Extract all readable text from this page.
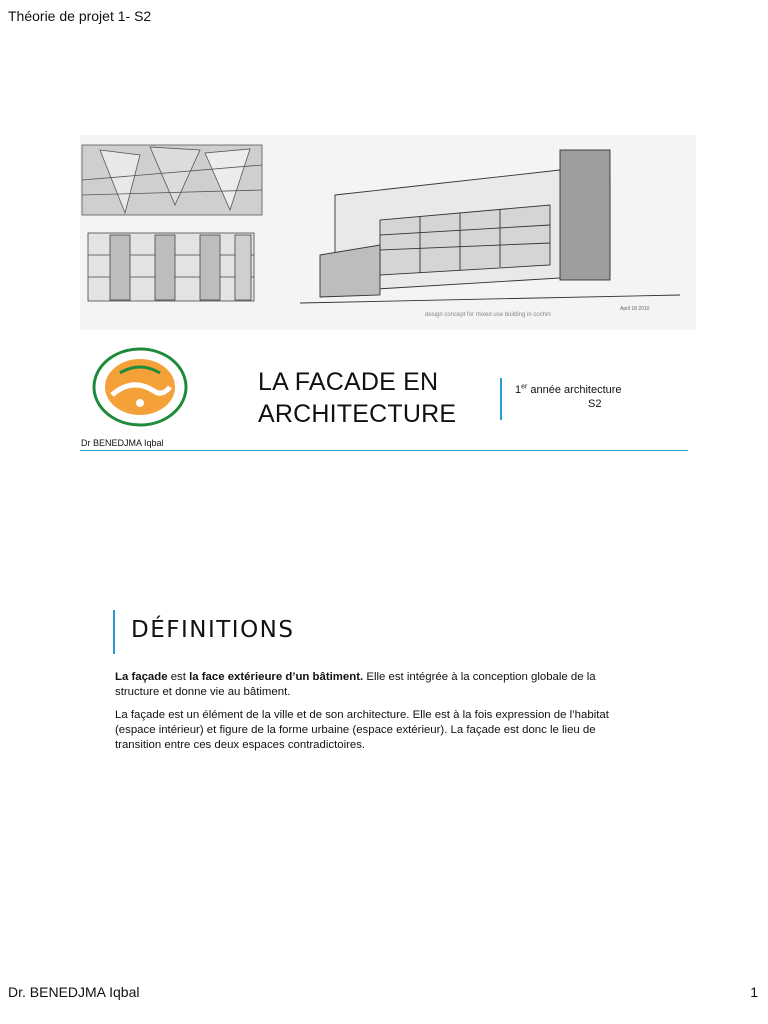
Théorie de projet 1- S2
design concept for mixed use building in cochin
April 18 2010
LA FACADE EN
ARCHITECTURE
1er année architecture
S2
Dr BENEDJMA Iqbal
DÉFINITIONS
La façade est la face extérieure d’un bâtiment. Elle est intégrée à la conception globale de la structure et donne vie au bâtiment.
La façade est un élément de la ville et de son architecture. Elle est à la fois expression de l’habitat (espace intérieur) et figure de la forme urbaine (espace extérieur). La façade est donc le lieu de transition entre ces deux espaces contradictoires.
Dr. BENEDJMA Iqbal	1
